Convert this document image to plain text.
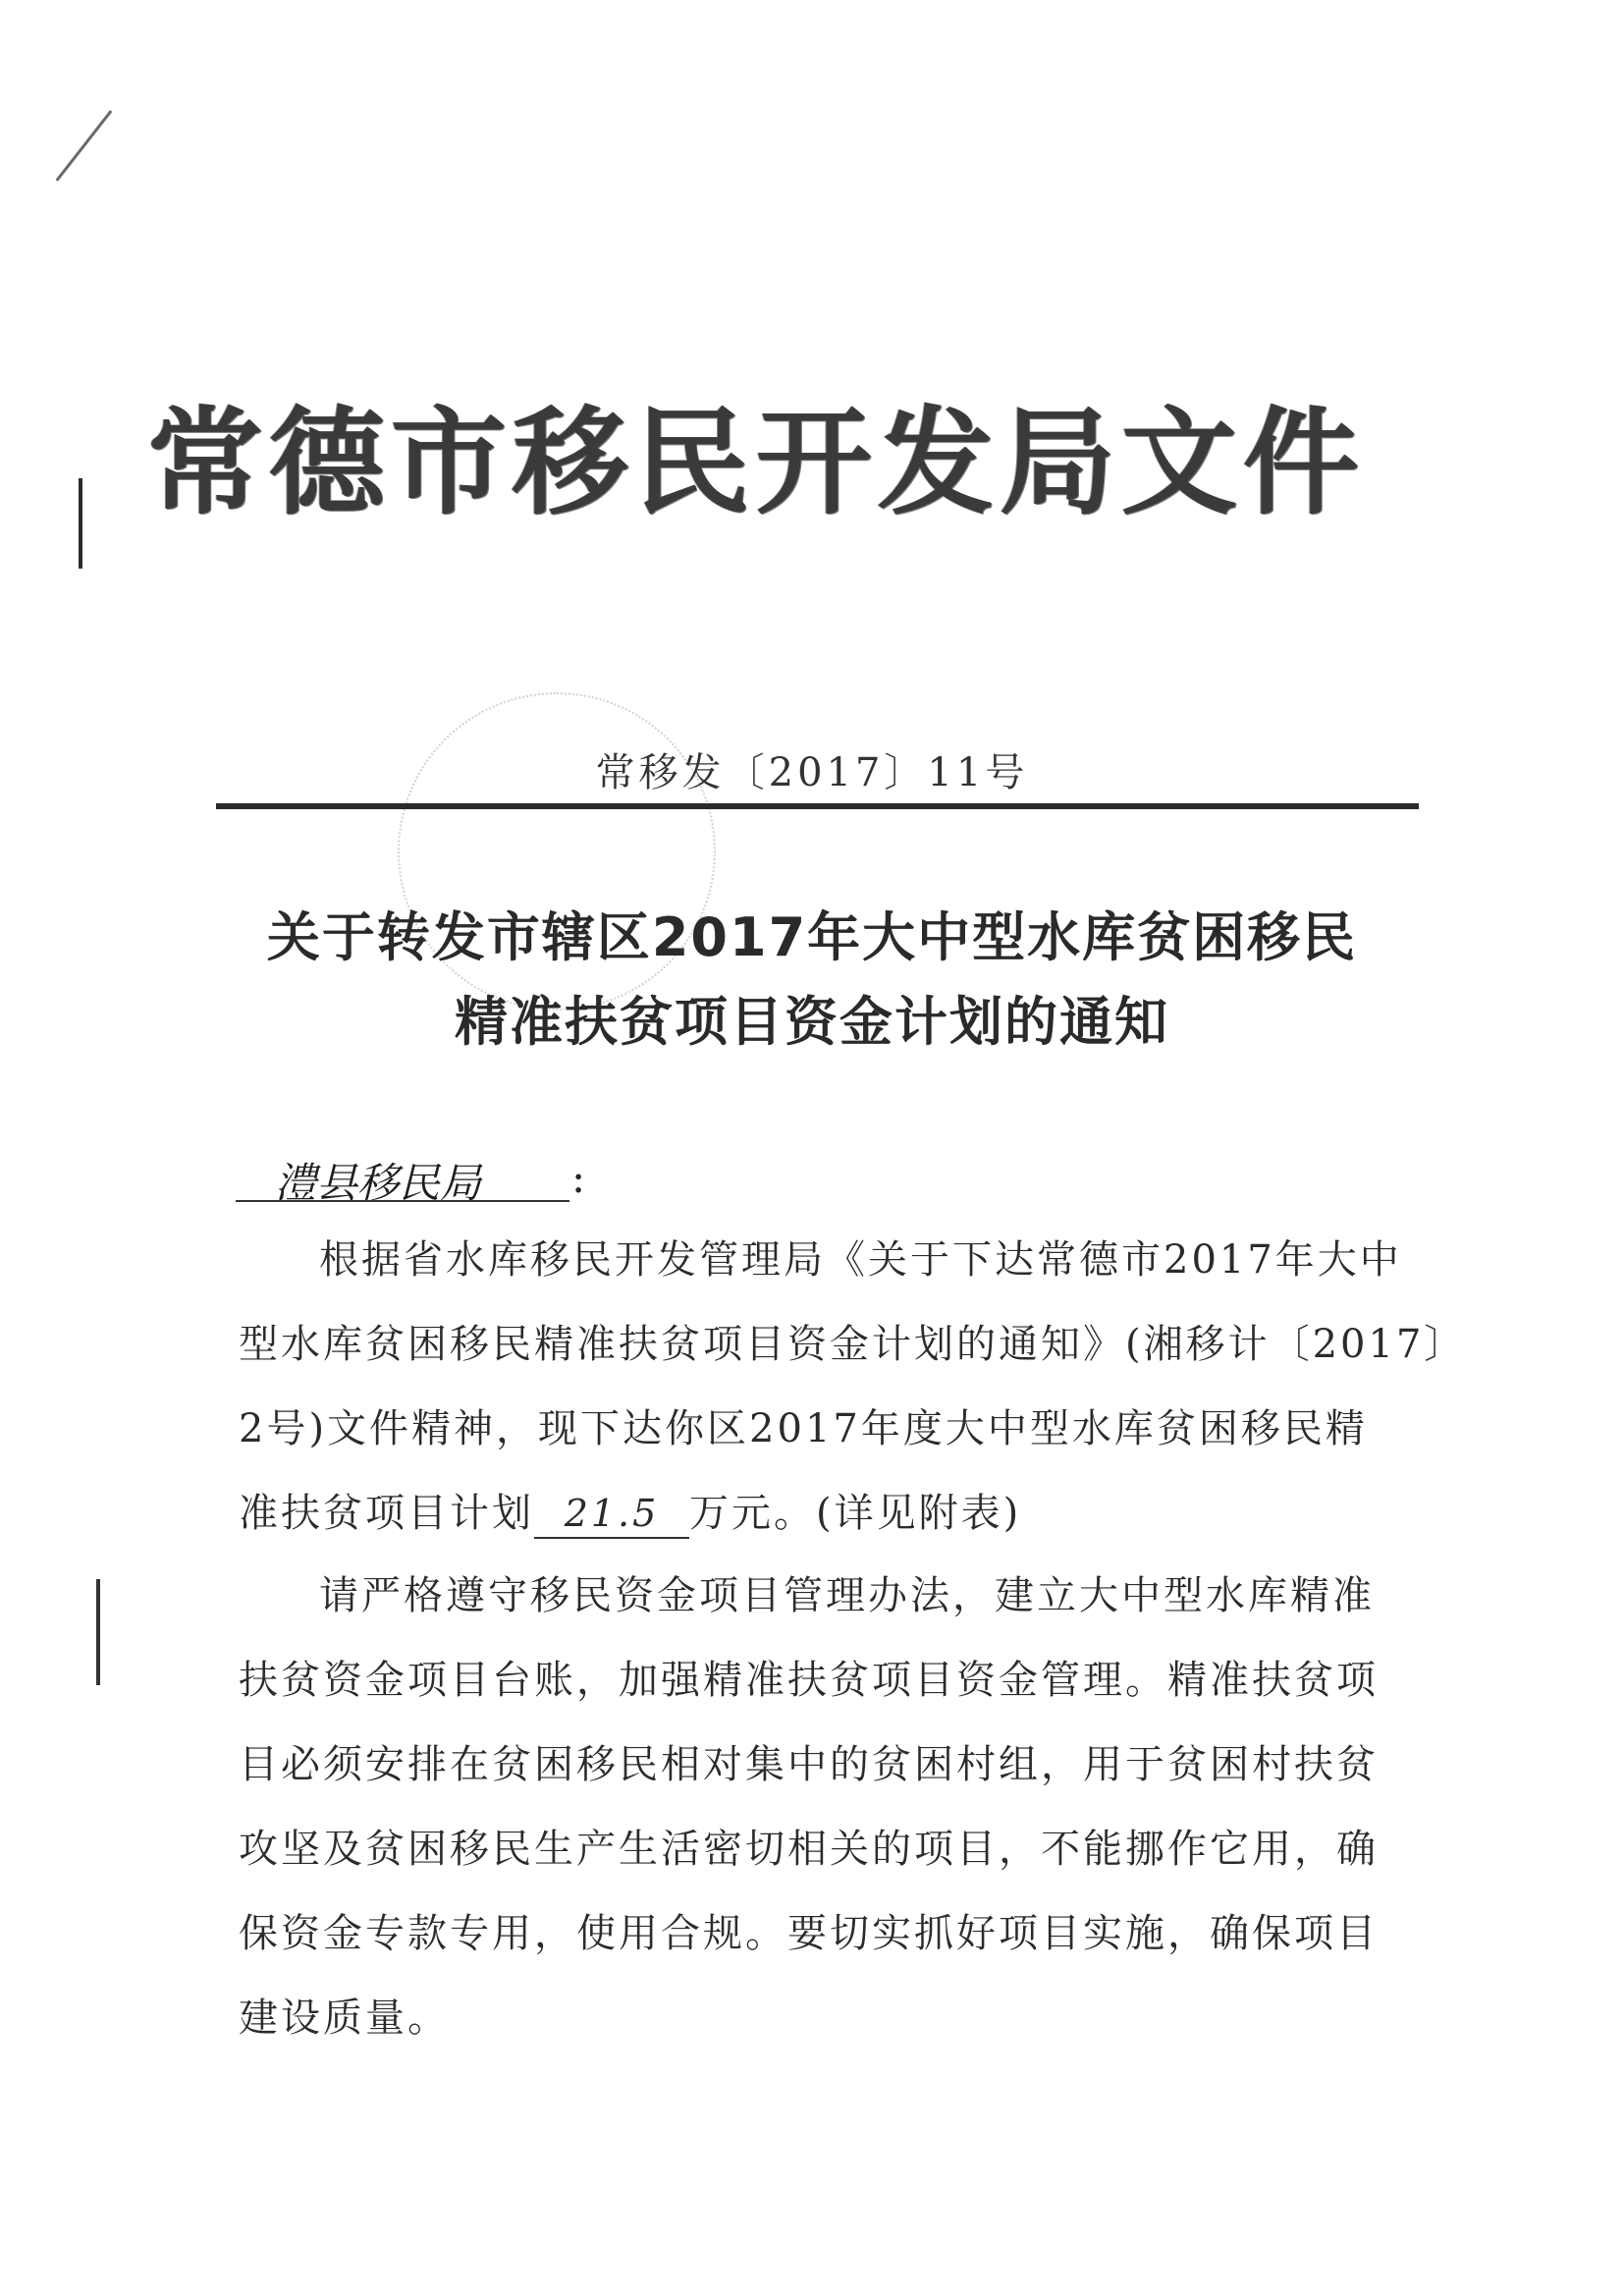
常德市移民开发局文件
常移发〔2017〕11号
关于转发市辖区2017年大中型水库贫困移民
精准扶贫项目资金计划的通知
澧县移民局 :
根据省水库移民开发管理局《关于下达常德市2017年大中
型水库贫困移民精准扶贫项目资金计划的通知》(湘移计〔2017〕
2号)文件精神，现下达你区2017年度大中型水库贫困移民精
准扶贫项目计划 21.5 万元。(详见附表)
请严格遵守移民资金项目管理办法，建立大中型水库精准
扶贫资金项目台账，加强精准扶贫项目资金管理。精准扶贫项
目必须安排在贫困移民相对集中的贫困村组，用于贫困村扶贫
攻坚及贫困移民生产生活密切相关的项目，不能挪作它用，确
保资金专款专用，使用合规。要切实抓好项目实施，确保项目
建设质量。
